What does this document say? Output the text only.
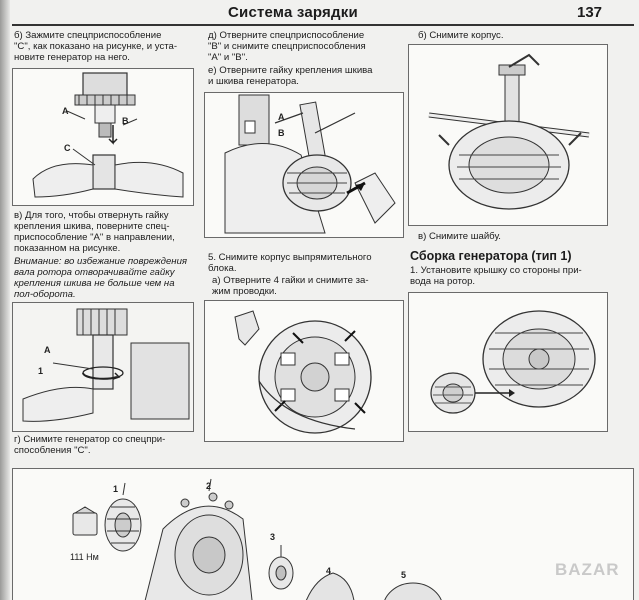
Система зарядки	137
б) Зажмите спецприспособление
"С", как показано на рисунке, и уста-
новите генератор на него.
A
B
C
в) Для того, чтобы отвернуть гайку
крепления шкива, поверните спец-
приспособление "А" в направлении,
показанном на рисунке.
Внимание: во избежание повреждения
вала ротора отворачивайте гайку
крепления шкива не больше чем на
пол-оборота.
A
1
г) Снимите генератор со спецпри-
способления "С".
д) Отверните спецприспособление
"B" и снимите спецприспособления
"A" и "B".
е) Отверните гайку крепления шкива
и шкива генератора.
A
B
5. Снимите корпус выпрямительного
блока.
а) Отверните 4 гайки и снимите за-
жим проводки.
б) Снимите корпус.
в) Снимите шайбу.
Сборка генератора (тип 1)
1. Установите крышку со стороны при-
вода на ротор.
1	2
3
4	5
111 Нм
BAZAR
